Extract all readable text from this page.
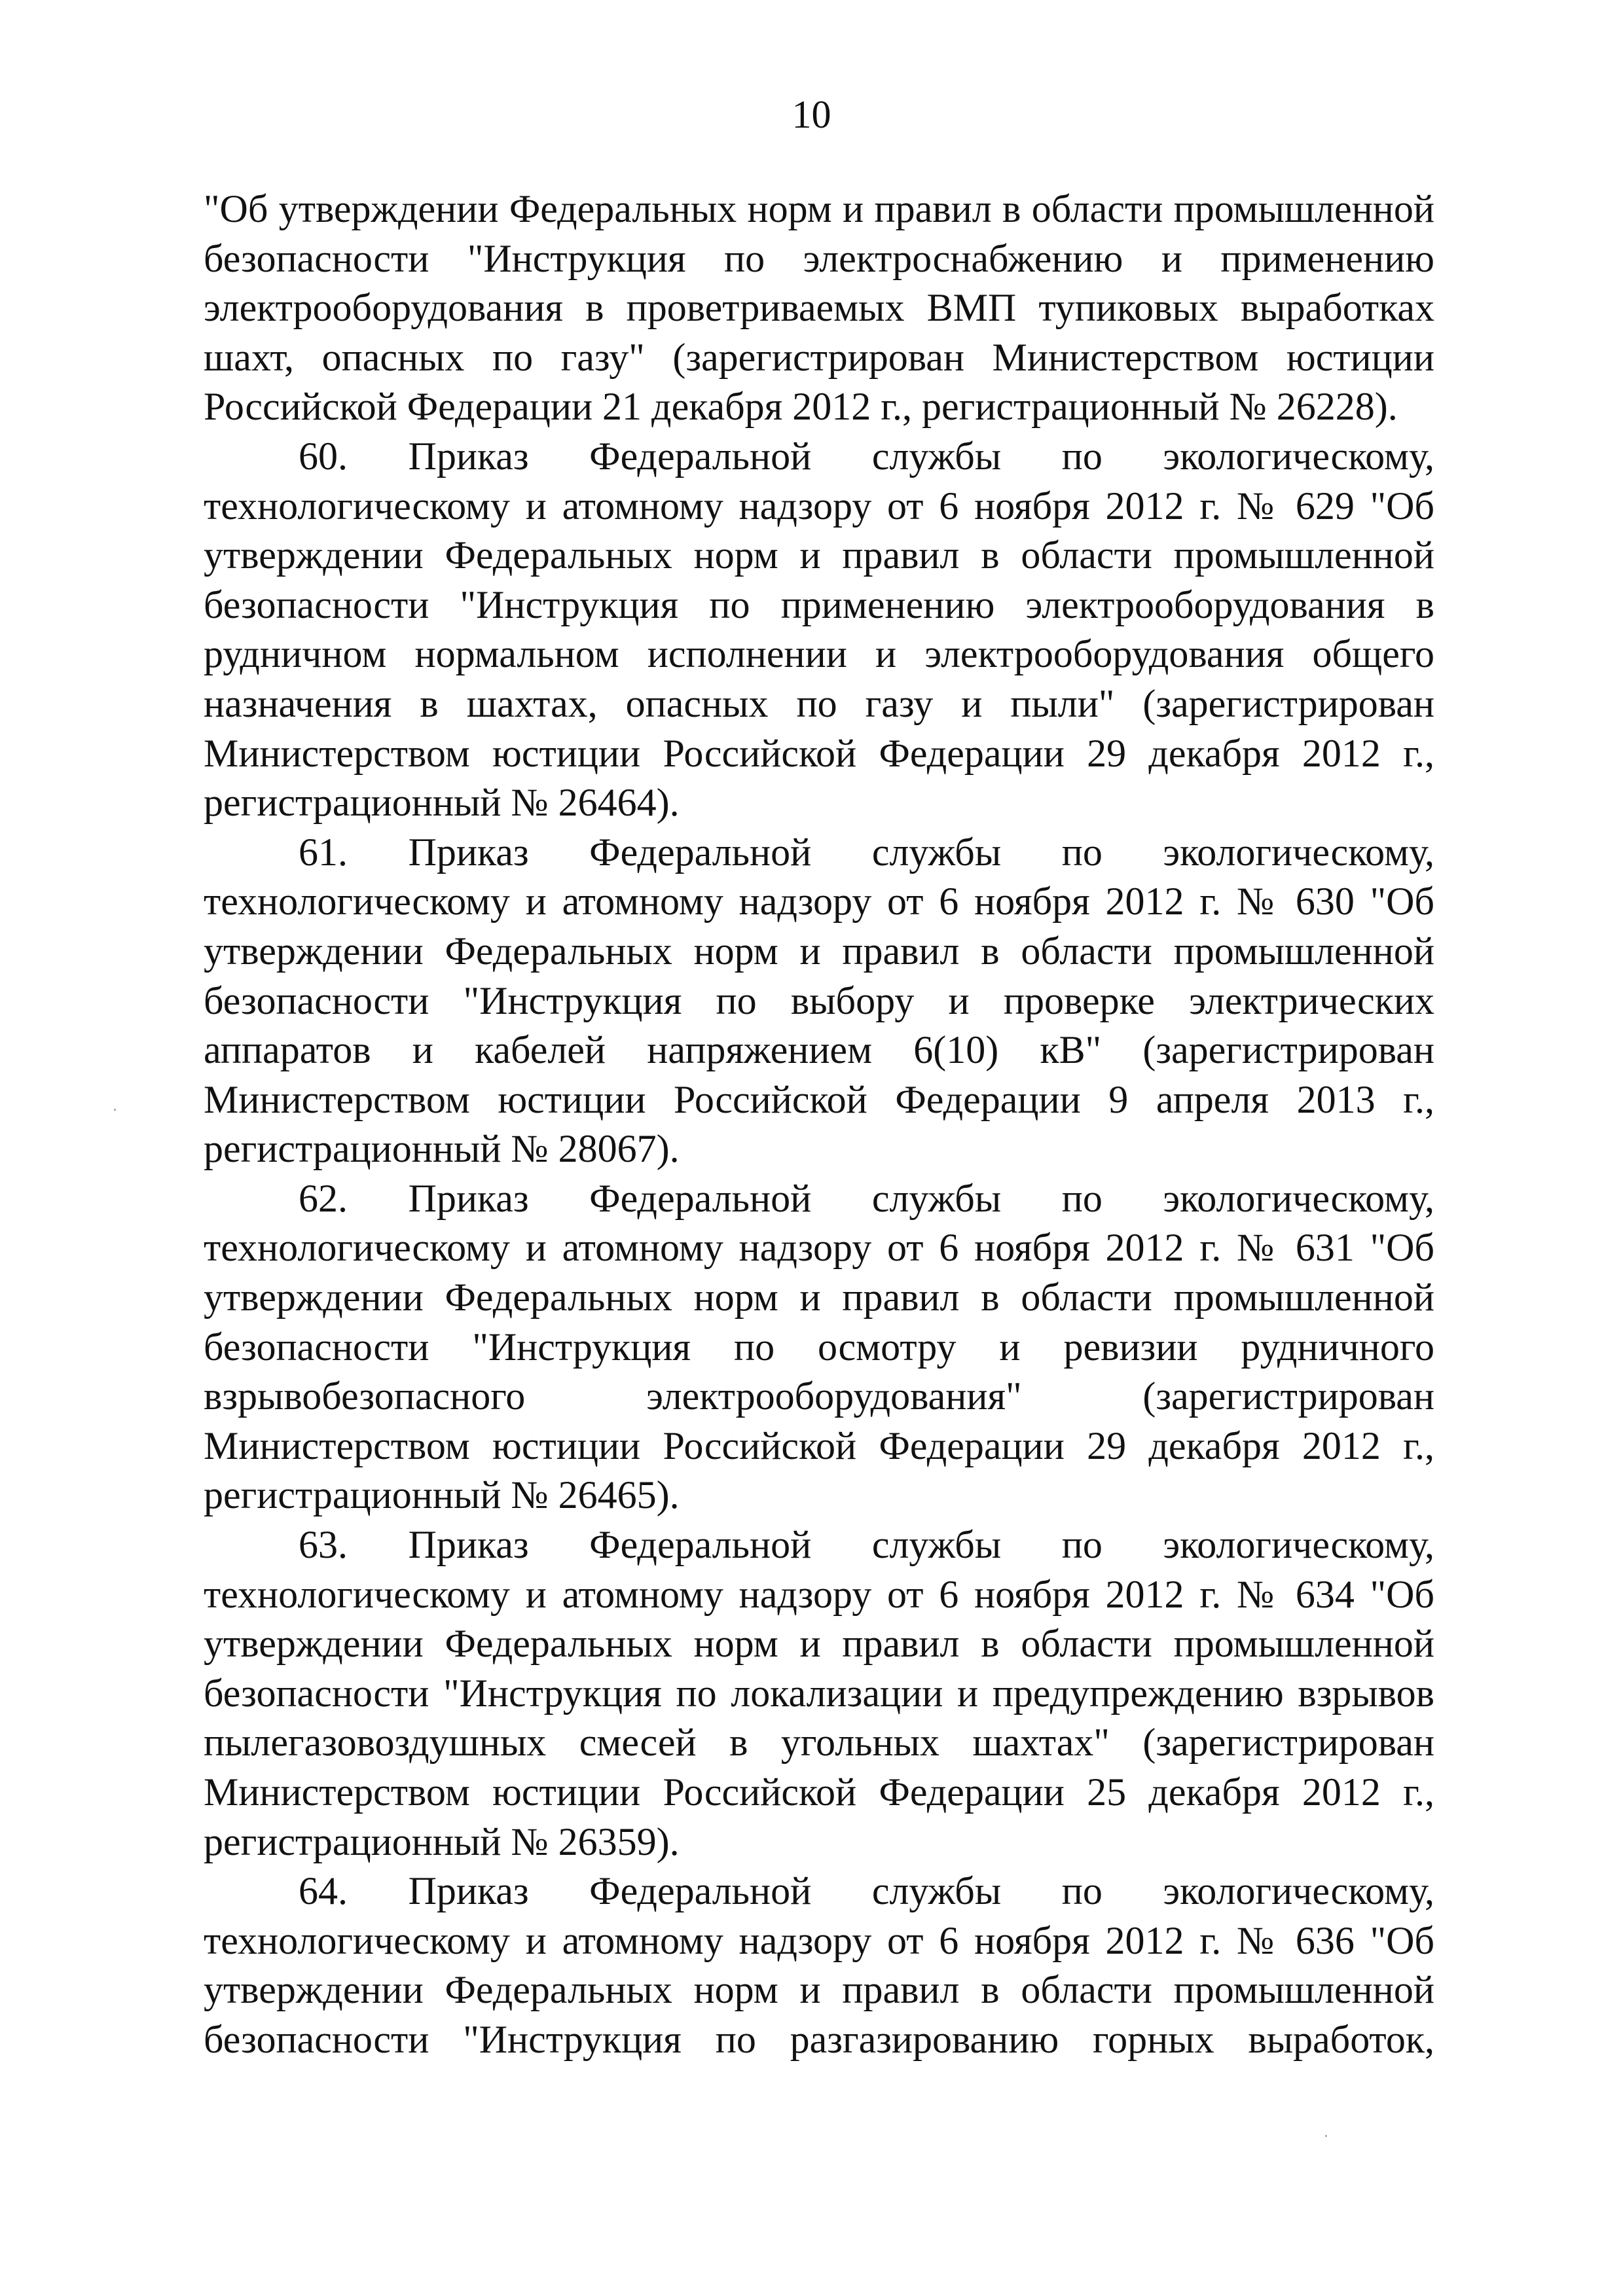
10

"Об утверждении Федеральных норм и правил в области промышленной безопасности "Инструкция по электроснабжению и применению электрооборудования в проветриваемых ВМП тупиковых выработках шахт, опасных по газу" (зарегистрирован Министерством юстиции Российской Федерации 21 декабря 2012 г., регистрационный № 26228).

60. Приказ Федеральной службы по экологическому, технологическому и атомному надзору от 6 ноября 2012 г. № 629 "Об утверждении Федеральных норм и правил в области промышленной безопасности "Инструкция по применению электрооборудования в рудничном нормальном исполнении и электрооборудования общего назначения в шахтах, опасных по газу и пыли" (зарегистрирован Министерством юстиции Российской Федерации 29 декабря 2012 г., регистрационный № 26464).

61. Приказ Федеральной службы по экологическому, технологическому и атомному надзору от 6 ноября 2012 г. № 630 "Об утверждении Федеральных норм и правил в области промышленной безопасности "Инструкция по выбору и проверке электрических аппаратов и кабелей напряжением 6(10) кВ" (зарегистрирован Министерством юстиции Российской Федерации 9 апреля 2013 г., регистрационный № 28067).

62. Приказ Федеральной службы по экологическому, технологическому и атомному надзору от 6 ноября 2012 г. № 631 "Об утверждении Федеральных норм и правил в области промышленной безопасности "Инструкция по осмотру и ревизии рудничного взрывобезопасного электрооборудования" (зарегистрирован Министерством юстиции Российской Федерации 29 декабря 2012 г., регистрационный № 26465).

63. Приказ Федеральной службы по экологическому, технологическому и атомному надзору от 6 ноября 2012 г. № 634 "Об утверждении Федеральных норм и правил в области промышленной безопасности "Инструкция по локализации и предупреждению взрывов пылегазовоздушных смесей в угольных шахтах" (зарегистрирован Министерством юстиции Российской Федерации 25 декабря 2012 г., регистрационный № 26359).

64. Приказ Федеральной службы по экологическому, технологическому и атомному надзору от 6 ноября 2012 г. № 636 "Об утверждении Федеральных норм и правил в области промышленной безопасности "Инструкция по разгазированию горных выработок,
